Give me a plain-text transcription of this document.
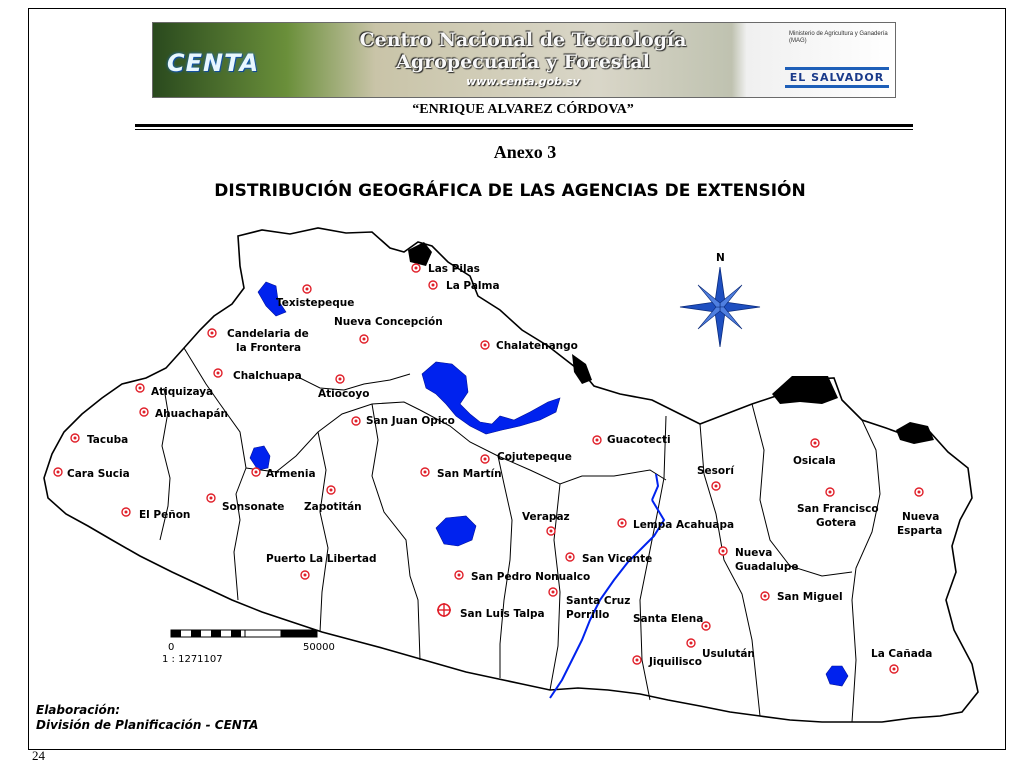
CENTA
Centro Nacional de Tecnología
Agropecuaria y Forestal
www.centa.gob.sv
Ministerio de Agricultura y Ganadería (MAG)
EL SALVADOR
“ENRIQUE ALVAREZ CÓRDOVA”
Anexo 3
DISTRIBUCIÓN GEOGRÁFICA DE LAS AGENCIAS DE EXTENSIÓN
N
0	50000
1 : 1271107
Las Pilas
La Palma
Texistepeque
Nueva Concepción
Candelaria de
la Frontera	Chalatenango
Chalchuapa
Atiquizaya	Atiocoyo
Ahuachapán
San Juan Opico
Tacuba	Guacotecti
Cojutepeque
Cara Sucia	Armenia	San Martín	Sesorí
Osicala
Sonsonate Zapotitán
El Peñon	Verapaz
Lempa Acahuapa
San Francisco
Gotera	Nueva
Esparta
Puerto La Libertad	San Vicente	Nueva
Guadalupe
San Pedro Nonualco
San Miguel
Santa Cruz
Porrillo
San Luis Talpa	Santa Elena
Usulután	La Cañada
Jiquilisco
Elaboración:
División de Planificación - CENTA
24
